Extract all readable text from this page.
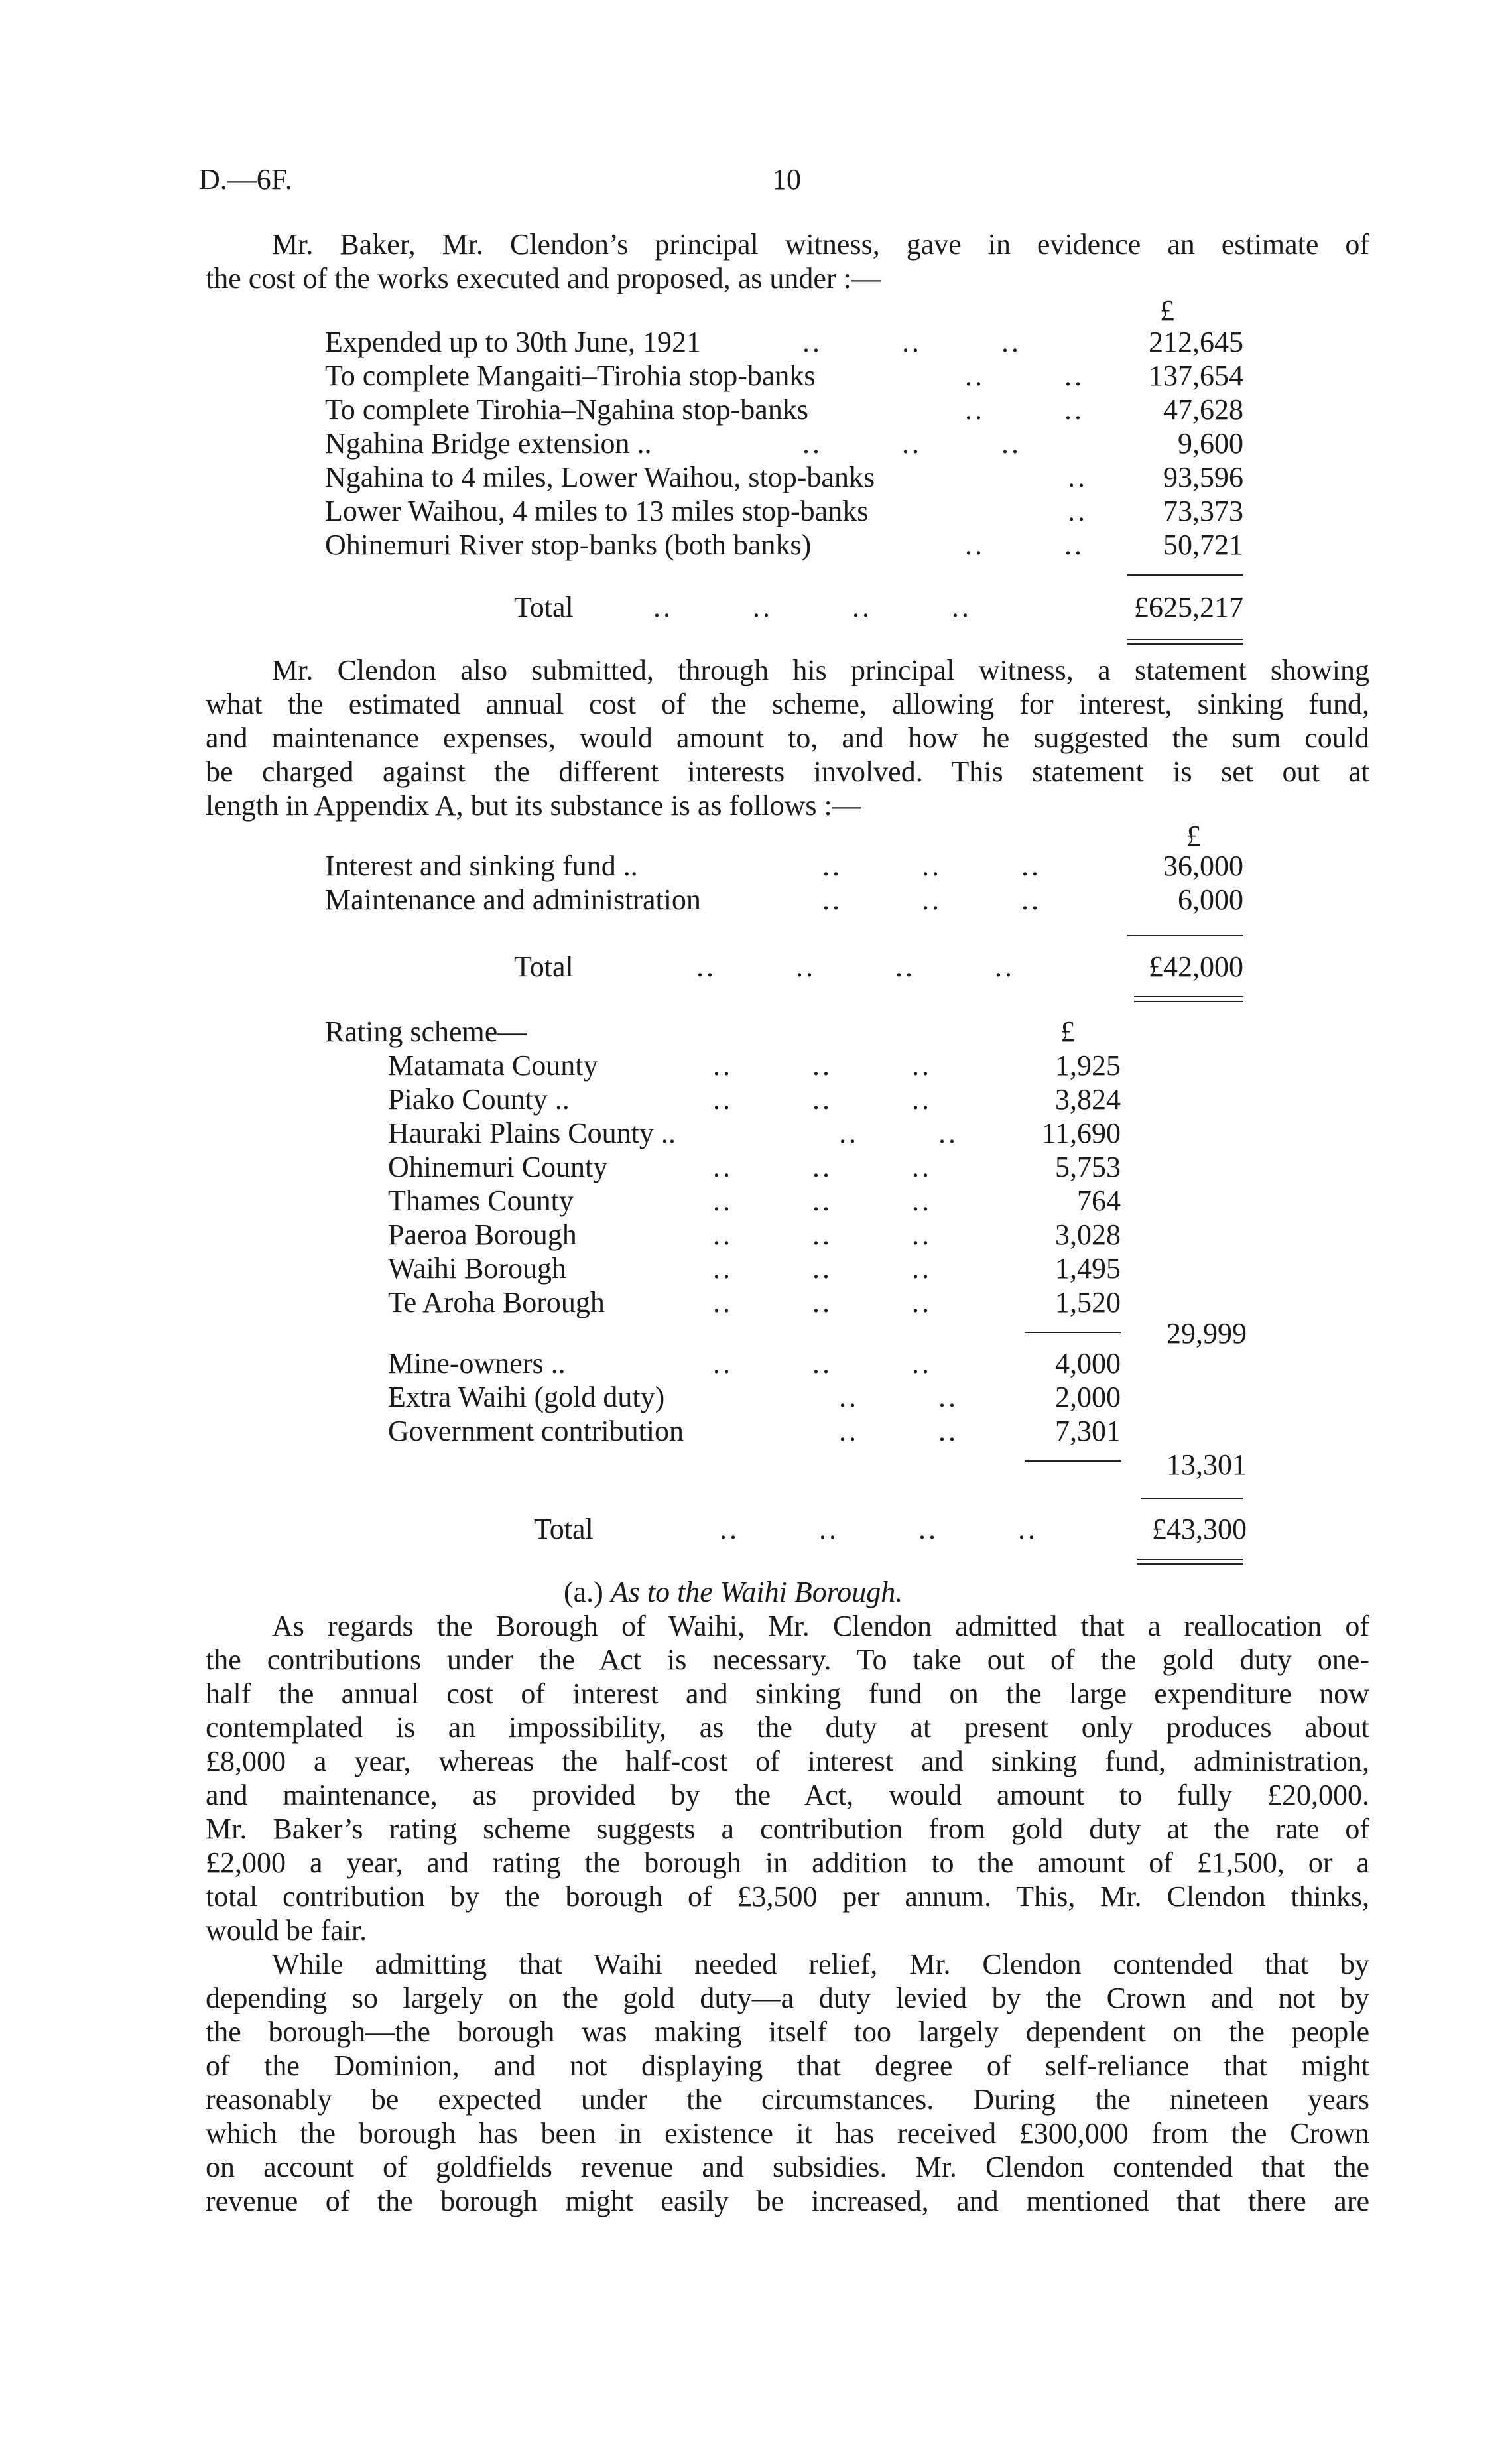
D.—6F.	10
Mr. Baker, Mr. Clendon’s principal witness, gave in evidence an estimate of
the cost of the works executed and proposed, as under :—
£
Expended up to 30th June, 1921	..        ..        ..	212,645
To complete Mangaiti–Tirohia stop-banks	..        ..	137,654
To complete Tirohia–Ngahina stop-banks	..        ..	47,628
Ngahina Bridge extension ..	..        ..        ..	9,600
Ngahina to 4 miles, Lower Waihou, stop-banks	..	93,596
Lower Waihou, 4 miles to 13 miles stop-banks	..	73,373
Ohinemuri River stop-banks (both banks)	..        ..	50,721
Total	..        ..        ..        ..	£625,217
Mr. Clendon also submitted, through his principal witness, a statement showing
what the estimated annual cost of the scheme, allowing for interest, sinking fund,
and maintenance expenses, would amount to, and how he suggested the sum could
be charged against the different interests involved. This statement is set out at
length in Appendix A, but its substance is as follows :—
£
Interest and sinking fund ..	..        ..        ..	36,000
Maintenance and administration	..        ..        ..	6,000
Total	..        ..        ..        ..	£42,000
Rating scheme—	£
Matamata County	..        ..        ..	1,925
Piako County ..	..        ..        ..	3,824
Hauraki Plains County ..	..        ..	11,690
Ohinemuri County	..        ..        ..	5,753
Thames County	..        ..        ..	764
Paeroa Borough	..        ..        ..	3,028
Waihi Borough	..        ..        ..	1,495
Te Aroha Borough	..        ..        ..	1,520
29,999
Mine-owners ..	..        ..        ..	4,000
Extra Waihi (gold duty)	..        ..	2,000
Government contribution	..        ..	7,301
13,301
Total	..        ..        ..        ..	£43,300
(a.) As to the Waihi Borough.
As regards the Borough of Waihi, Mr. Clendon admitted that a reallocation of
the contributions under the Act is necessary. To take out of the gold duty one-
half the annual cost of interest and sinking fund on the large expenditure now
contemplated is an impossibility, as the duty at present only produces about
£8,000 a year, whereas the half-cost of interest and sinking fund, administration,
and maintenance, as provided by the Act, would amount to fully £20,000.
Mr. Baker’s rating scheme suggests a contribution from gold duty at the rate of
£2,000 a year, and rating the borough in addition to the amount of £1,500, or a
total contribution by the borough of £3,500 per annum. This, Mr. Clendon thinks,
would be fair.
While admitting that Waihi needed relief, Mr. Clendon contended that by
depending so largely on the gold duty—a duty levied by the Crown and not by
the borough—the borough was making itself too largely dependent on the people
of the Dominion, and not displaying that degree of self-reliance that might
reasonably be expected under the circumstances. During the nineteen years
which the borough has been in existence it has received £300,000 from the Crown
on account of goldfields revenue and subsidies. Mr. Clendon contended that the
revenue of the borough might easily be increased, and mentioned that there are
